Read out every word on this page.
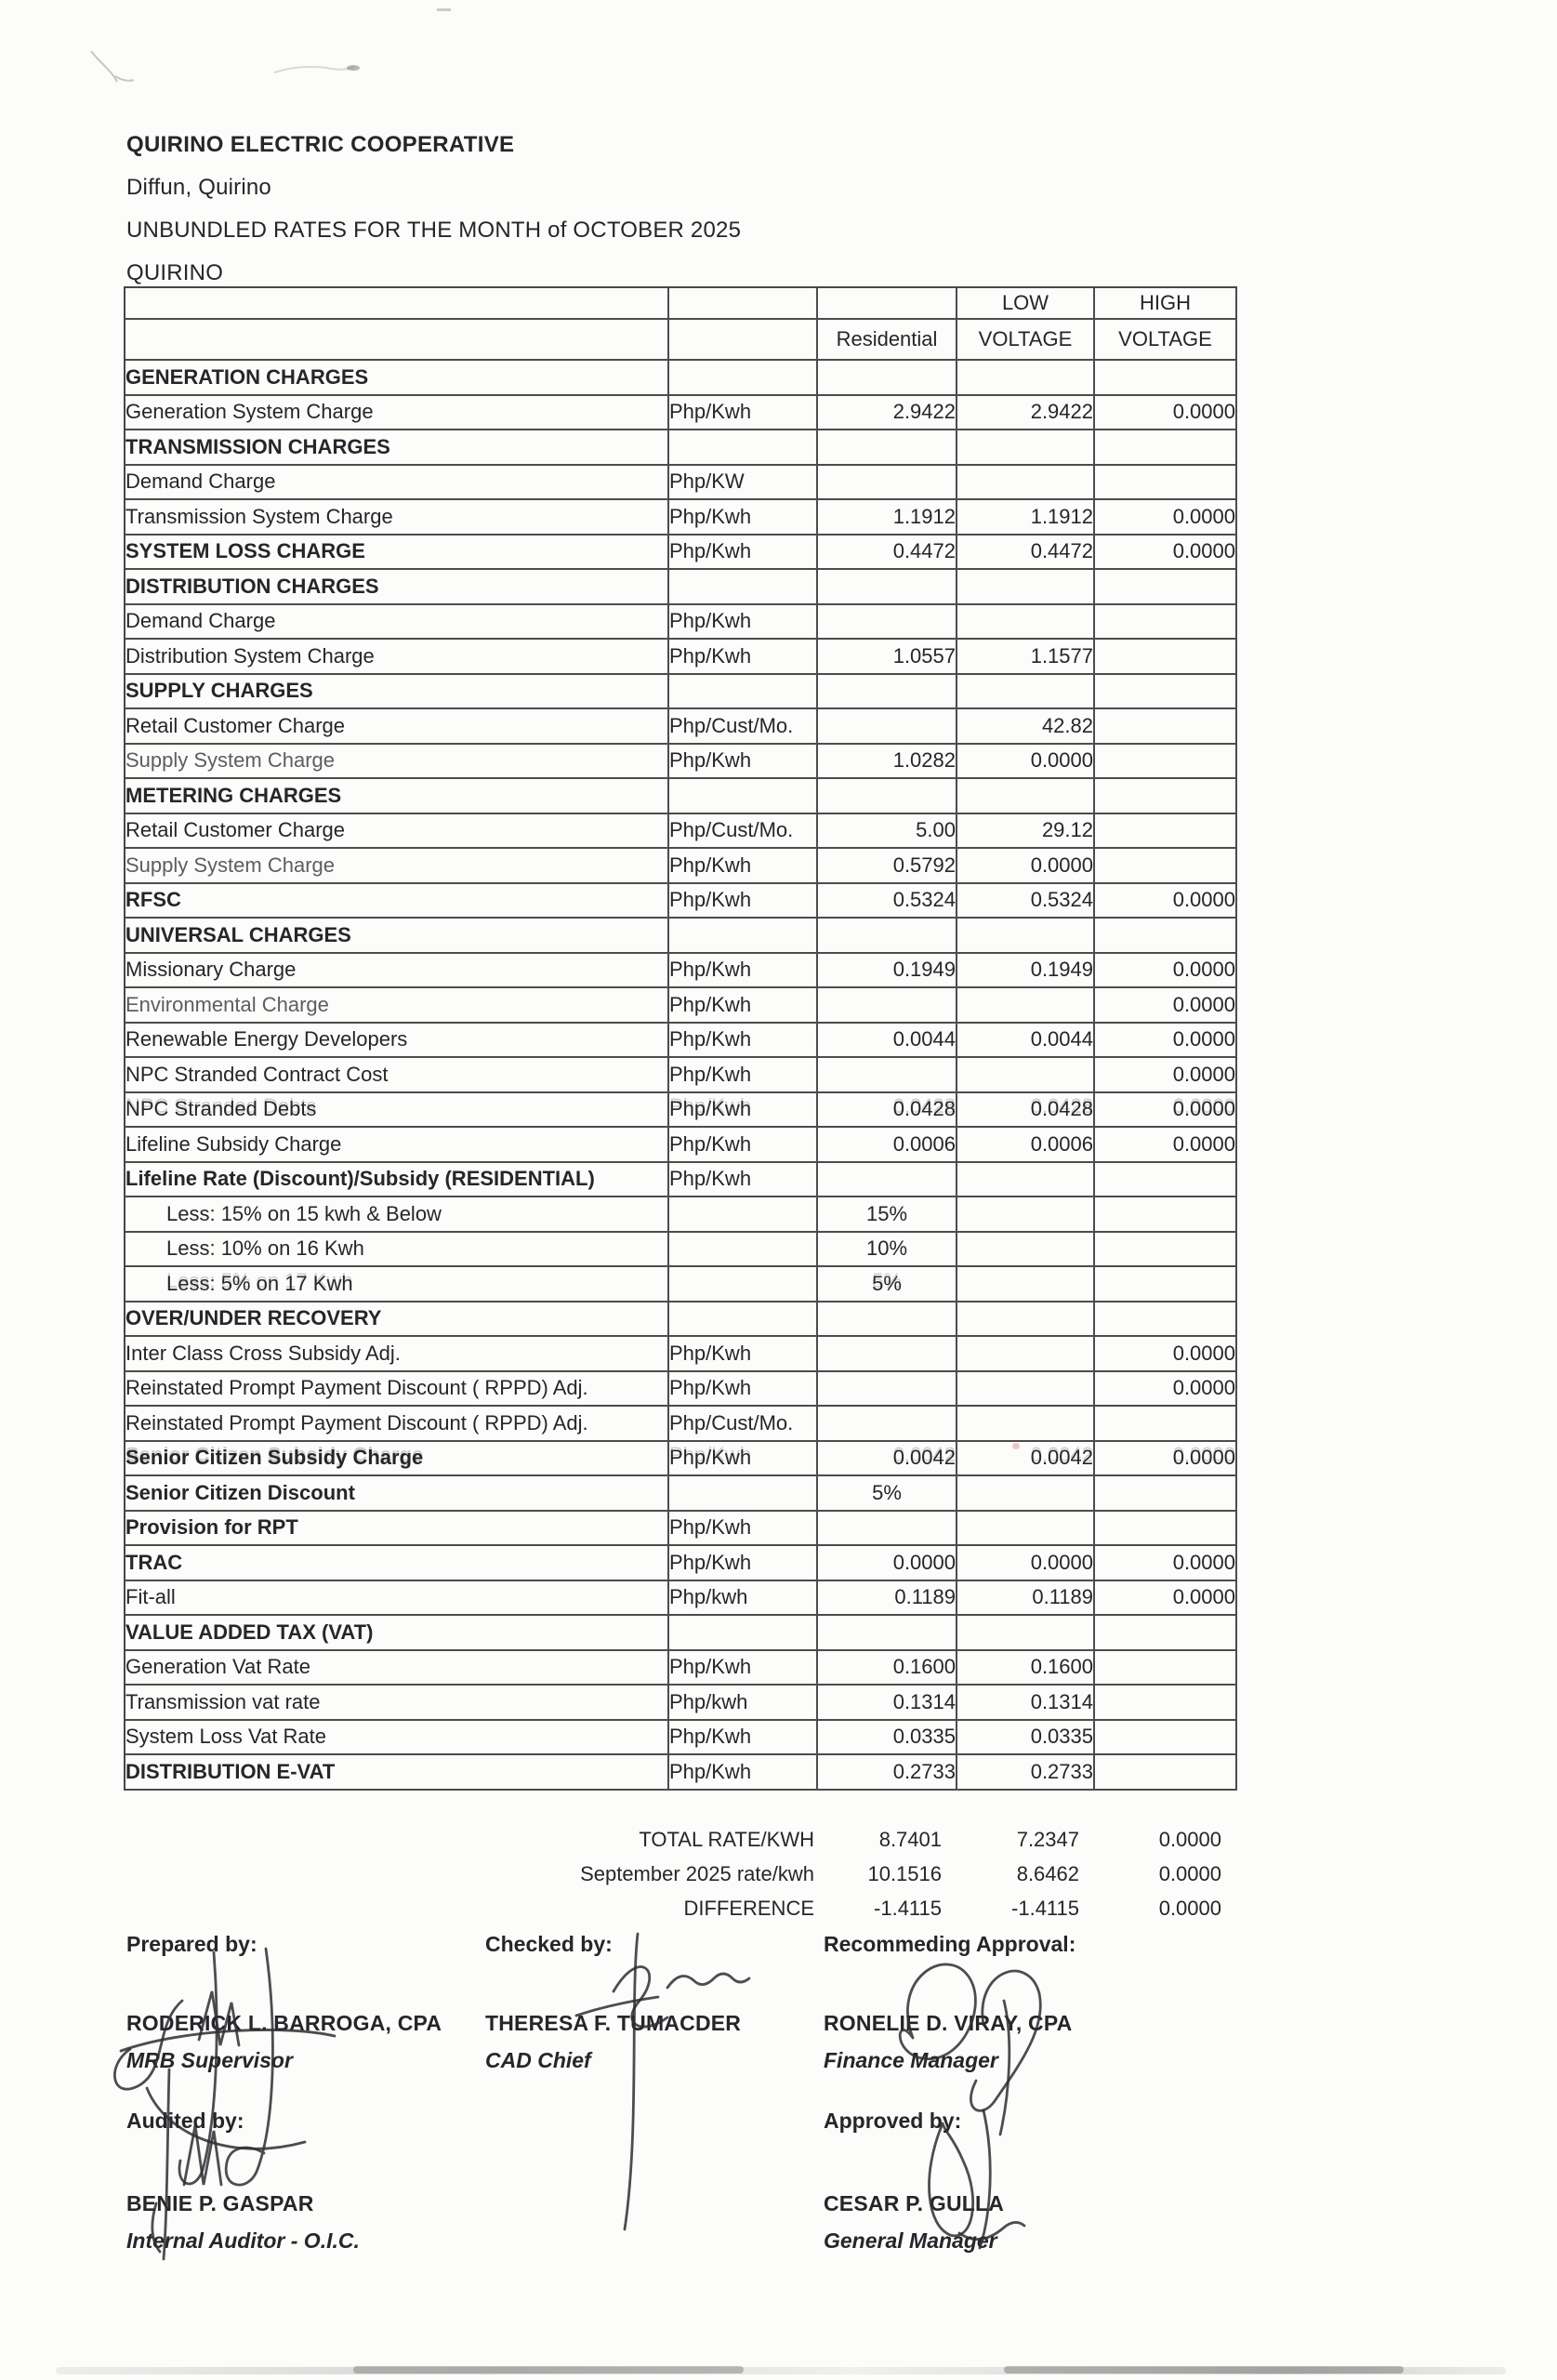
QUIRINO ELECTRIC COOPERATIVE
Diffun, Quirino
UNBUNDLED RATES FOR THE MONTH of OCTOBER 2025
QUIRINO
			LOW	HIGH
		Residential	VOLTAGE	VOLTAGE
GENERATION CHARGES				
Generation System Charge	Php/Kwh	2.9422	2.9422	0.0000
TRANSMISSION CHARGES				
Demand Charge	Php/KW			
Transmission System Charge	Php/Kwh	1.1912	1.1912	0.0000
SYSTEM LOSS CHARGE	Php/Kwh	0.4472	0.4472	0.0000
DISTRIBUTION CHARGES				
Demand Charge	Php/Kwh			
Distribution System Charge	Php/Kwh	1.0557	1.1577	
SUPPLY CHARGES				
Retail Customer Charge	Php/Cust/Mo.		42.82	
Supply System Charge	Php/Kwh	1.0282	0.0000	
METERING CHARGES				
Retail Customer Charge	Php/Cust/Mo.	5.00	29.12	
Supply System Charge	Php/Kwh	0.5792	0.0000	
RFSC	Php/Kwh	0.5324	0.5324	0.0000
UNIVERSAL CHARGES				
Missionary Charge	Php/Kwh	0.1949	0.1949	0.0000
Environmental Charge	Php/Kwh			0.0000
Renewable Energy Developers	Php/Kwh	0.0044	0.0044	0.0000
NPC Stranded Contract Cost	Php/Kwh			0.0000
NPC Stranded Debts	Php/Kwh	0.0428	0.0428	0.0000
Lifeline Subsidy Charge	Php/Kwh	0.0006	0.0006	0.0000
Lifeline Rate (Discount)/Subsidy (RESIDENTIAL)	Php/Kwh			
Less: 15% on 15 kwh & Below		15%		
Less: 10% on 16 Kwh		10%		
Less: 5% on 17 Kwh		5%		
OVER/UNDER RECOVERY				
Inter Class Cross Subsidy Adj.	Php/Kwh			0.0000
Reinstated Prompt Payment Discount ( RPPD) Adj.	Php/Kwh			0.0000
Reinstated Prompt Payment Discount ( RPPD) Adj.	Php/Cust/Mo.			
Senior Citizen Subsidy Charge	Php/Kwh	0.0042	0.0042	0.0000
Senior Citizen Discount		5%		
Provision for RPT	Php/Kwh			
TRAC	Php/Kwh	0.0000	0.0000	0.0000
Fit-all	Php/kwh	0.1189	0.1189	0.0000
VALUE ADDED TAX (VAT)				
Generation Vat Rate	Php/Kwh	0.1600	0.1600	
Transmission vat rate	Php/kwh	0.1314	0.1314	
System Loss Vat Rate	Php/Kwh	0.0335	0.0335	
DISTRIBUTION E-VAT	Php/Kwh	0.2733	0.2733	
TOTAL RATE/KWH	8.7401	7.2347	0.0000
September 2025 rate/kwh	10.1516	8.6462	0.0000
DIFFERENCE	-1.4115	-1.4115	0.0000
Prepared by:
RODERICK L. BARROGA, CPA
MRB Supervisor
Checked by:
THERESA F. TUMACDER
CAD Chief
Recommeding Approval:
RONELIE D. VIRAY, CPA
Finance Manager
Audited by:
BENIE P. GASPAR
Internal Auditor - O.I.C.
Approved by:
CESAR P. GULLA
General Manager
